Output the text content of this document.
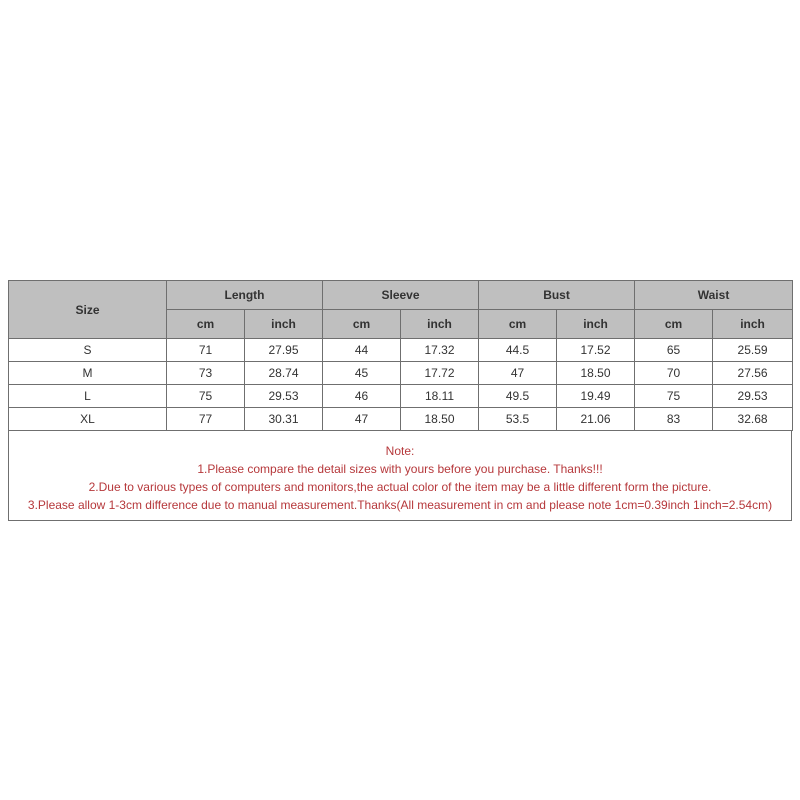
Size	Length		Sleeve		Bust		Waist	
	cm	inch	cm	inch	cm	inch	cm	inch
S	71	27.95	44	17.32	44.5	17.52	65	25.59
M	73	28.74	45	17.72	47	18.50	70	27.56
L	75	29.53	46	18.11	49.5	19.49	75	29.53
XL	77	30.31	47	18.50	53.5	21.06	83	32.68
Note:
1.Please compare the detail sizes with yours before you purchase. Thanks!!!
2.Due to various types of computers and monitors,the actual color of the item may be a little different form the picture.
3.Please allow 1-3cm difference due to manual measurement.Thanks(All measurement in cm and please note 1cm=0.39inch 1inch=2.54cm)
